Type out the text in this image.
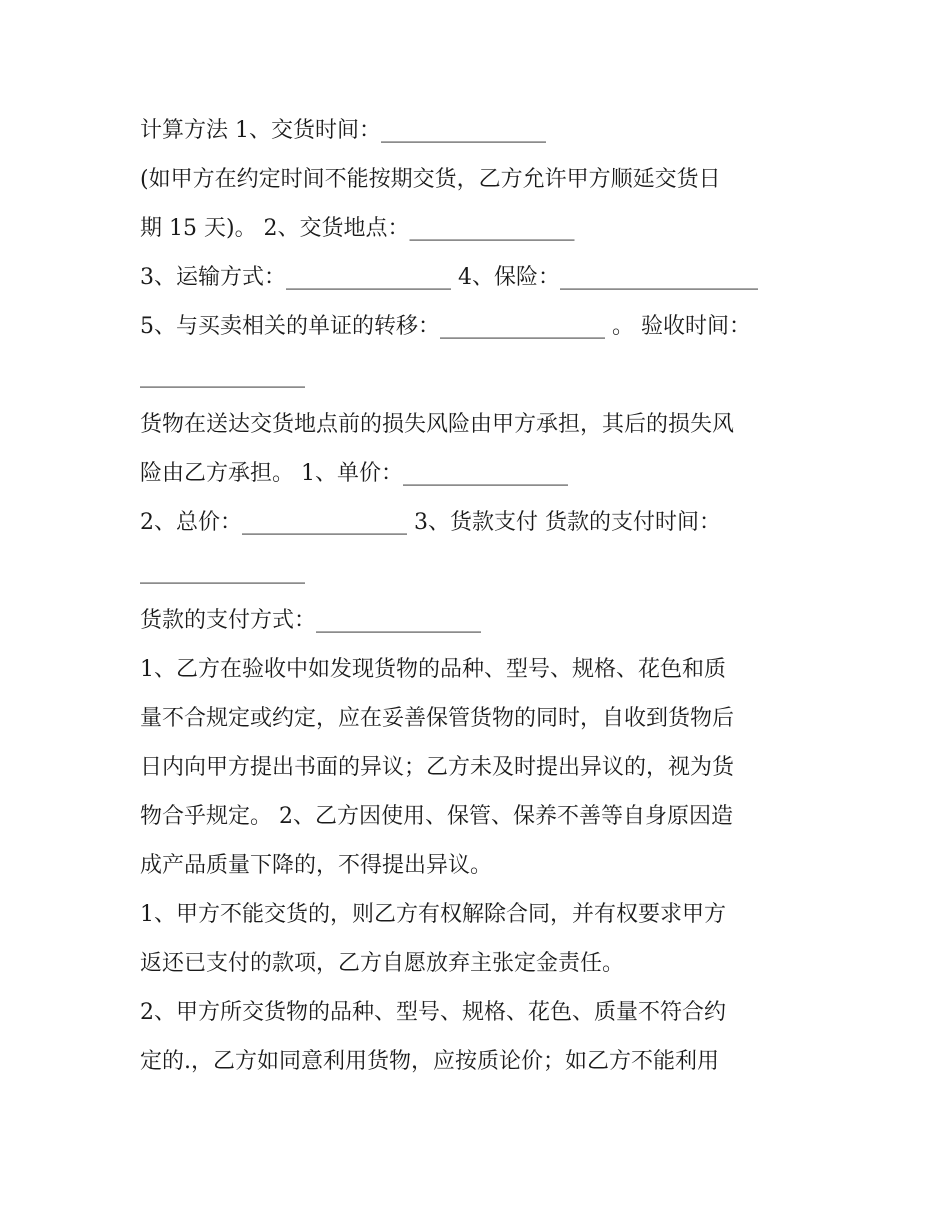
计算方法 1、交货时间：_______________
(如甲方在约定时间不能按期交货，乙方允许甲方顺延交货日
期 15 天)。 2、交货地点：_______________
3、运输方式：_______________ 4、保险：__________________
5、与买卖相关的单证的转移：_______________ 。 验收时间：
_______________
货物在送达交货地点前的损失风险由甲方承担，其后的损失风
险由乙方承担。 1、单价：_______________
2、总价：_______________ 3、货款支付 货款的支付时间：
_______________
货款的支付方式：_______________
1、乙方在验收中如发现货物的品种、型号、规格、花色和质
量不合规定或约定，应在妥善保管货物的同时，自收到货物后
日内向甲方提出书面的异议；乙方未及时提出异议的，视为货
物合乎规定。 2、乙方因使用、保管、保养不善等自身原因造
成产品质量下降的，不得提出异议。
1、甲方不能交货的，则乙方有权解除合同，并有权要求甲方
返还已支付的款项，乙方自愿放弃主张定金责任。
2、甲方所交货物的品种、型号、规格、花色、质量不符合约
定的.，乙方如同意利用货物，应按质论价；如乙方不能利用
